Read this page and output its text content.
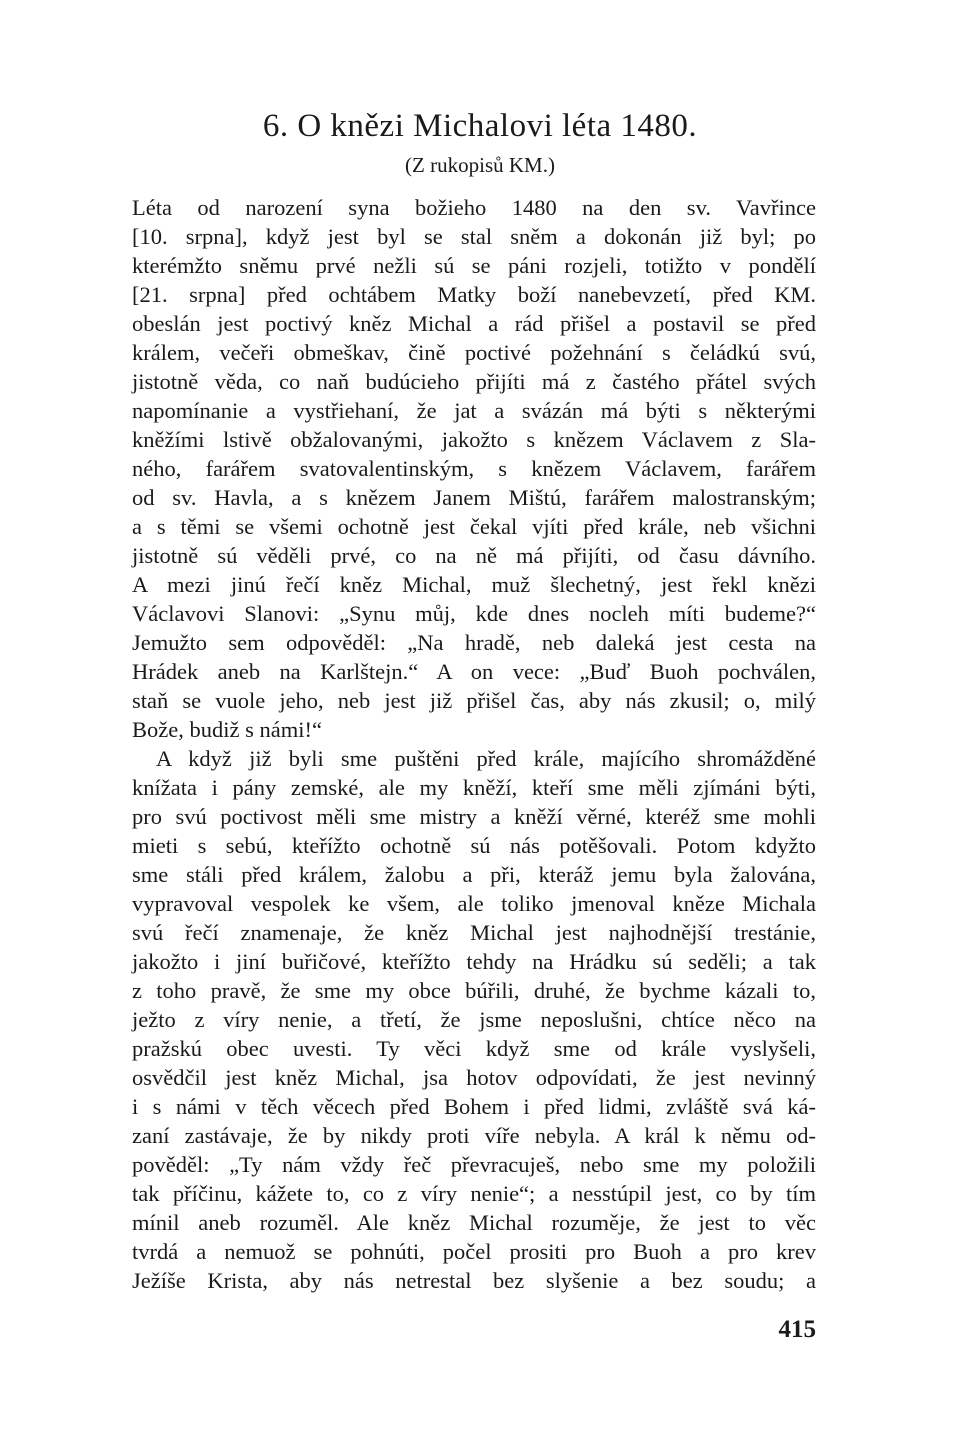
6. O knězi Michalovi léta 1480.
(Z rukopisů KM.)
Léta od narození syna božieho 1480 na den sv. Vavřince
[10. srpna], když jest byl se stal sněm a dokonán již byl; po
kterémžto sněmu prvé nežli sú se páni rozjeli, totižto v pondělí
[21. srpna] před ochtábem Matky boží nanebevzetí, před KM.
obeslán jest poctivý kněz Michal a rád přišel a postavil se před
králem, večeři obmeškav, čině poctivé požehnání s čeládkú svú,
jistotně věda, co naň budúcieho přijíti má z častého přátel svých
napomínanie a vystřiehaní, že jat a svázán má býti s některými
kněžími lstivě obžalovanými, jakožto s knězem Václavem z Sla-
ného, farářem svatovalentinským, s knězem Václavem, farářem
od sv. Havla, a s knězem Janem Mištú, farářem malostranským;
a s těmi se všemi ochotně jest čekal vjíti před krále, neb všichni
jistotně sú věděli prvé, co na ně má přijíti, od času dávního.
A mezi jinú řečí kněz Michal, muž šlechetný, jest řekl knězi
Václavovi Slanovi: „Synu můj, kde dnes nocleh míti budeme?“
Jemužto sem odpověděl: „Na hradě, neb daleká jest cesta na
Hrádek aneb na Karlštejn.“ A on vece: „Buď Buoh pochválen,
staň se vuole jeho, neb jest již přišel čas, aby nás zkusil; o, milý
Bože, budiž s námi!“
A když již byli sme puštěni před krále, majícího shromážděné
knížata i pány zemské, ale my kněží, kteří sme měli zjímáni býti,
pro svú poctivost měli sme mistry a kněží věrné, kteréž sme mohli
mieti s sebú, kteřížto ochotně sú nás potěšovali. Potom kdyžto
sme stáli před králem, žalobu a při, kteráž jemu byla žalována,
vypravoval vespolek ke všem, ale toliko jmenoval kněze Michala
svú řečí znamenaje, že kněz Michal jest najhodnější trestánie,
jakožto i jiní buřičové, kteřížto tehdy na Hrádku sú seděli; a tak
z toho pravě, že sme my obce búřili, druhé, že bychme kázali to,
ježto z víry nenie, a třetí, že jsme neposlušni, chtíce něco na
pražskú obec uvesti. Ty věci když sme od krále vyslyšeli,
osvědčil jest kněz Michal, jsa hotov odpovídati, že jest nevinný
i s námi v těch věcech před Bohem i před lidmi, zvláště svá ká-
zaní zastávaje, že by nikdy proti víře nebyla. A král k němu od-
pověděl: „Ty nám vždy řeč převracuješ, nebo sme my položili
tak příčinu, kážete to, co z víry nenie“; a nesstúpil jest, co by tím
mínil aneb rozuměl. Ale kněz Michal rozuměje, že jest to věc
tvrdá a nemuož se pohnúti, počel prositi pro Buoh a pro krev
Ježíše Krista, aby nás netrestal bez slyšenie a bez soudu; a
415
